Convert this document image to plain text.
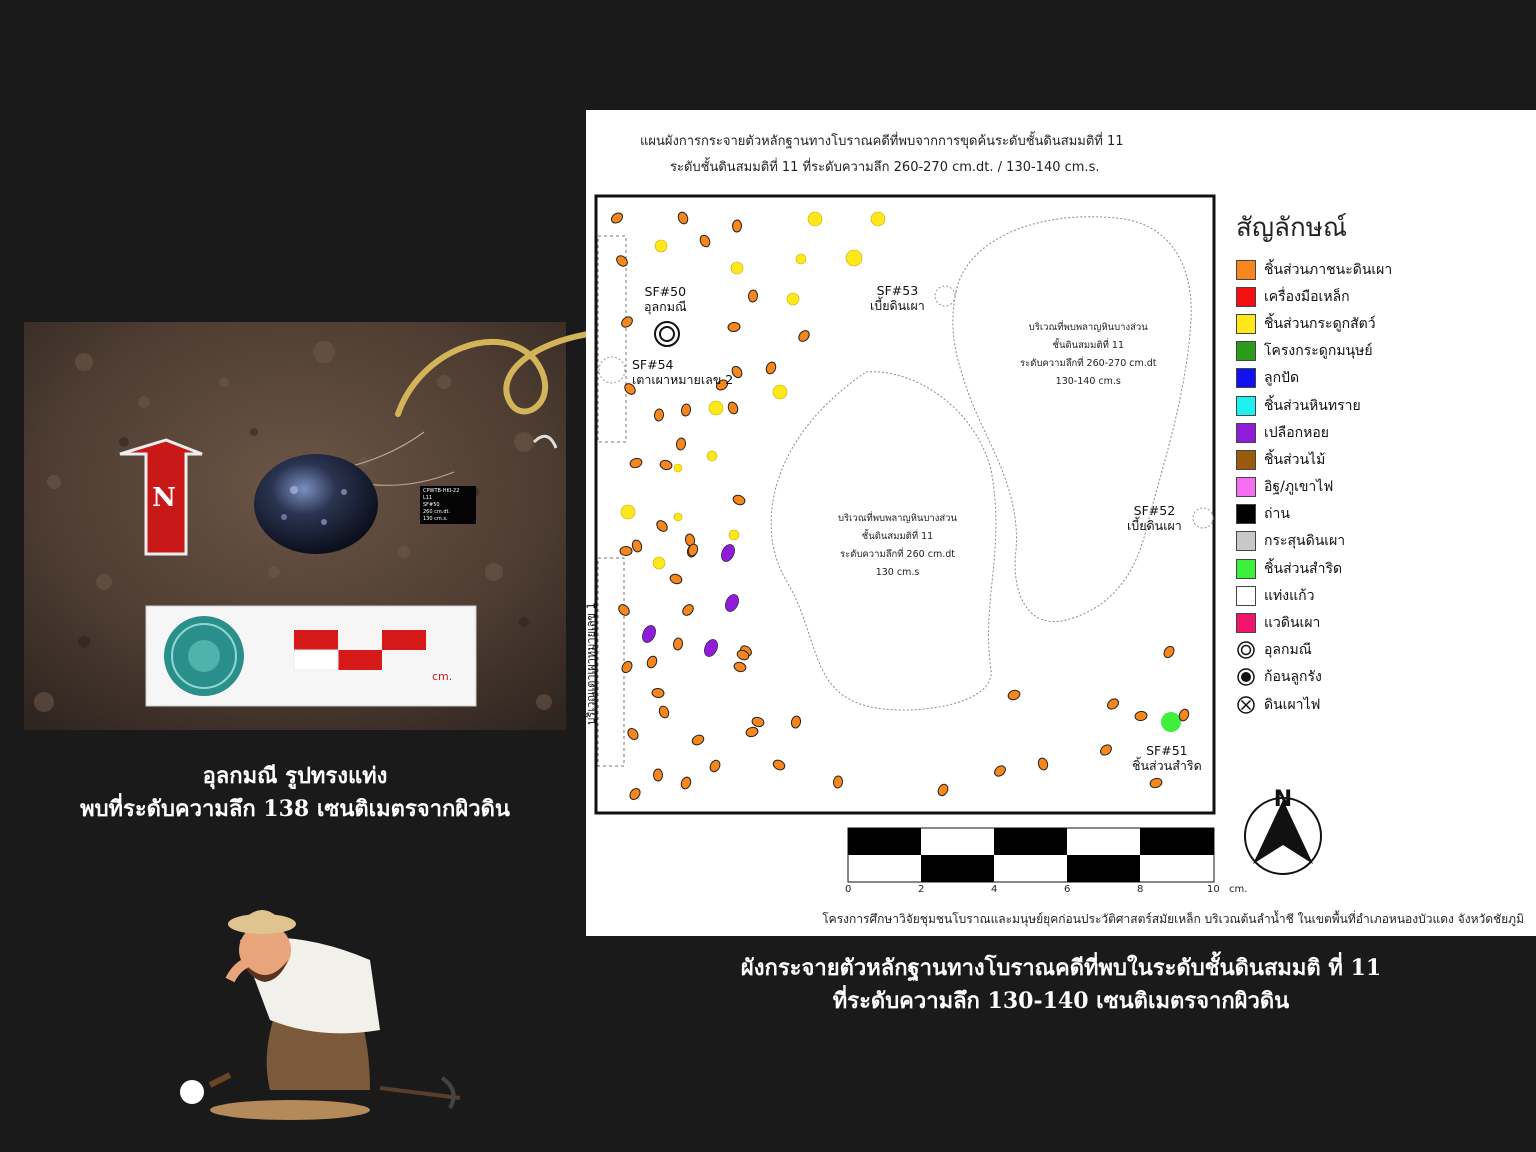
N
cm.
CPWTB-HKI-22
L11
SF#50
260 cm.dt.
130 cm.s.
อุลกมณี รูปทรงแท่ง
พบที่ระดับความลึก 138 เซนติเมตรจากผิวดิน
แผนผังการกระจายตัวหลักฐานทางโบราณคดีที่พบจากการขุดค้นระดับชั้นดินสมมติที่ 11
ระดับชั้นดินสมมติที่ 11 ที่ระดับความลึก 260-270 cm.dt. / 130-140 cm.s.
N
SF#50
อุลกมณี
SF#53
เบี้ยดินเผา
SF#54
เตาเผาหมายเลข 2
SF#52
เบี้ยดินเผา
SF#51
ชิ้นส่วนสำริด
บริเวณเตาเผาหมายเลข 1
บริเวณที่พบพลาญหินบางส่วน
ชั้นดินสมมติที่ 11
ระดับความลึกที่ 260 cm.dt
130 cm.s
บริเวณที่พบพลาญหินบางส่วน
ชั้นดินสมมติที่ 11
ระดับความลึกที่ 260-270 cm.dt
130-140 cm.s
สัญลักษณ์
ชิ้นส่วนภาชนะดินเผา
เครื่องมือเหล็ก
ชิ้นส่วนกระดูกสัตว์
โครงกระดูกมนุษย์
ลูกปัด
ชิ้นส่วนหินทราย
เปลือกหอย
ชิ้นส่วนไม้
อิฐ/ภูเขาไฟ
ถ่าน
กระสุนดินเผา
ชิ้นส่วนสำริด
แท่งแก้ว
แวดินเผา
อุลกมณี
ก้อนลูกรัง
ดินเผาไฟ
0	2	4	6	8	10 cm.
โครงการศึกษาวิจัยชุมชนโบราณและมนุษย์ยุคก่อนประวัติศาสตร์สมัยเหล็ก บริเวณต้นลำน้ำชี ในเขตพื้นที่อำเภอหนองบัวแดง จังหวัดชัยภูมิ
ผังกระจายตัวหลักฐานทางโบราณคดีที่พบในระดับชั้นดินสมมติ ที่ 11
ที่ระดับความลึก 130-140 เซนติเมตรจากผิวดิน
